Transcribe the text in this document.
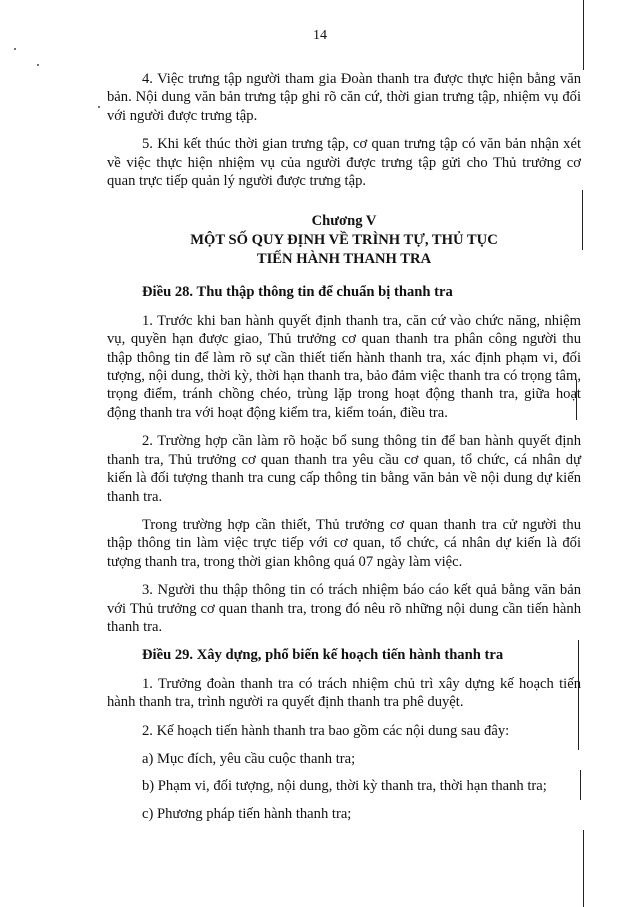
14

4. Việc trưng tập người tham gia Đoàn thanh tra được thực hiện bằng văn bản. Nội dung văn bản trưng tập ghi rõ căn cứ, thời gian trưng tập, nhiệm vụ đối với người được trưng tập.

5. Khi kết thúc thời gian trưng tập, cơ quan trưng tập có văn bản nhận xét về việc thực hiện nhiệm vụ của người được trưng tập gửi cho Thủ trưởng cơ quan trực tiếp quản lý người được trưng tập.

Chương V
MỘT SỐ QUY ĐỊNH VỀ TRÌNH TỰ, THỦ TỤC
TIẾN HÀNH THANH TRA

Điều 28. Thu thập thông tin để chuẩn bị thanh tra

1. Trước khi ban hành quyết định thanh tra, căn cứ vào chức năng, nhiệm vụ, quyền hạn được giao, Thủ trưởng cơ quan thanh tra phân công người thu thập thông tin để làm rõ sự cần thiết tiến hành thanh tra, xác định phạm vi, đối tượng, nội dung, thời kỳ, thời hạn thanh tra, bảo đảm việc thanh tra có trọng tâm, trọng điểm, tránh chồng chéo, trùng lặp trong hoạt động thanh tra, giữa hoạt động thanh tra với hoạt động kiểm tra, kiểm toán, điều tra.

2. Trường hợp cần làm rõ hoặc bổ sung thông tin để ban hành quyết định thanh tra, Thủ trưởng cơ quan thanh tra yêu cầu cơ quan, tổ chức, cá nhân dự kiến là đối tượng thanh tra cung cấp thông tin bằng văn bản về nội dung dự kiến thanh tra.

Trong trường hợp cần thiết, Thủ trưởng cơ quan thanh tra cử người thu thập thông tin làm việc trực tiếp với cơ quan, tổ chức, cá nhân dự kiến là đối tượng thanh tra, trong thời gian không quá 07 ngày làm việc.

3. Người thu thập thông tin có trách nhiệm báo cáo kết quả bằng văn bản với Thủ trưởng cơ quan thanh tra, trong đó nêu rõ những nội dung cần tiến hành thanh tra.

Điều 29. Xây dựng, phổ biến kế hoạch tiến hành thanh tra

1. Trưởng đoàn thanh tra có trách nhiệm chủ trì xây dựng kế hoạch tiến hành thanh tra, trình người ra quyết định thanh tra phê duyệt.

2. Kế hoạch tiến hành thanh tra bao gồm các nội dung sau đây:

a) Mục đích, yêu cầu cuộc thanh tra;

b) Phạm vi, đối tượng, nội dung, thời kỳ thanh tra, thời hạn thanh tra;

c) Phương pháp tiến hành thanh tra;
